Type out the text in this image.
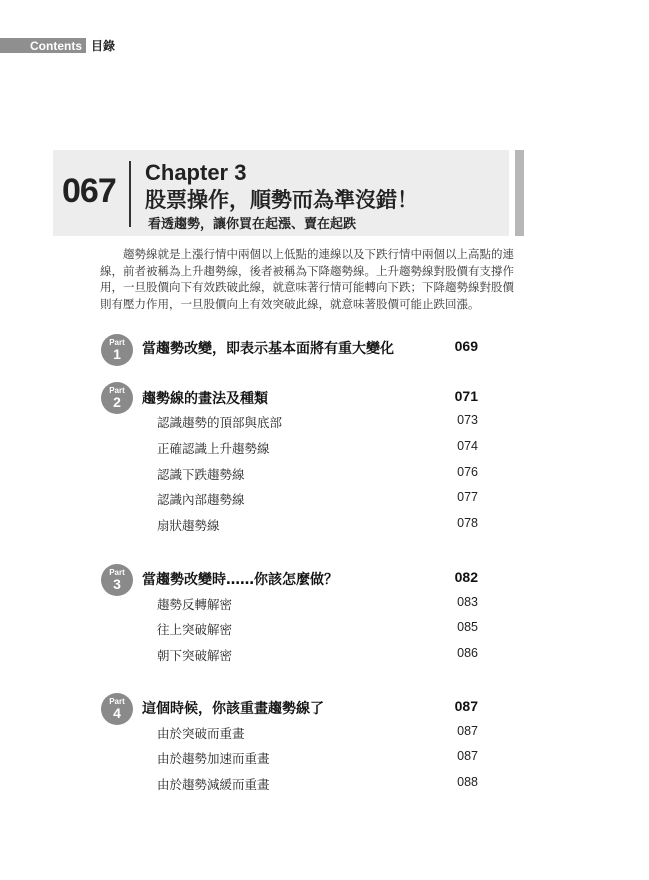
Contents 目錄
067 Chapter 3
股票操作，順勢而為準沒錯！
看透趨勢，讓你買在起漲、賣在起跌
趨勢線就是上漲行情中兩個以上低點的連線以及下跌行情中兩個以上高點的連線，前者被稱為上升趨勢線，後者被稱為下降趨勢線。上升趨勢線對股價有支撐作用，一旦股價向下有效跌破此線，就意味著行情可能轉向下跌；下降趨勢線對股價則有壓力作用，一旦股價向上有效突破此線，就意味著股價可能止跌回漲。
Part
1	當趨勢改變，即表示基本面將有重大變化	069
Part
2	趨勢線的畫法及種類	071
認識趨勢的頂部與底部	073
正確認識上升趨勢線	074
認識下跌趨勢線	076
認識內部趨勢線	077
扇狀趨勢線	078
Part
3	當趨勢改變時……你該怎麼做？	082
趨勢反轉解密	083
往上突破解密	085
朝下突破解密	086
Part
4	這個時候，你該重畫趨勢線了	087
由於突破而重畫	087
由於趨勢加速而重畫	087
由於趨勢減緩而重畫	088
